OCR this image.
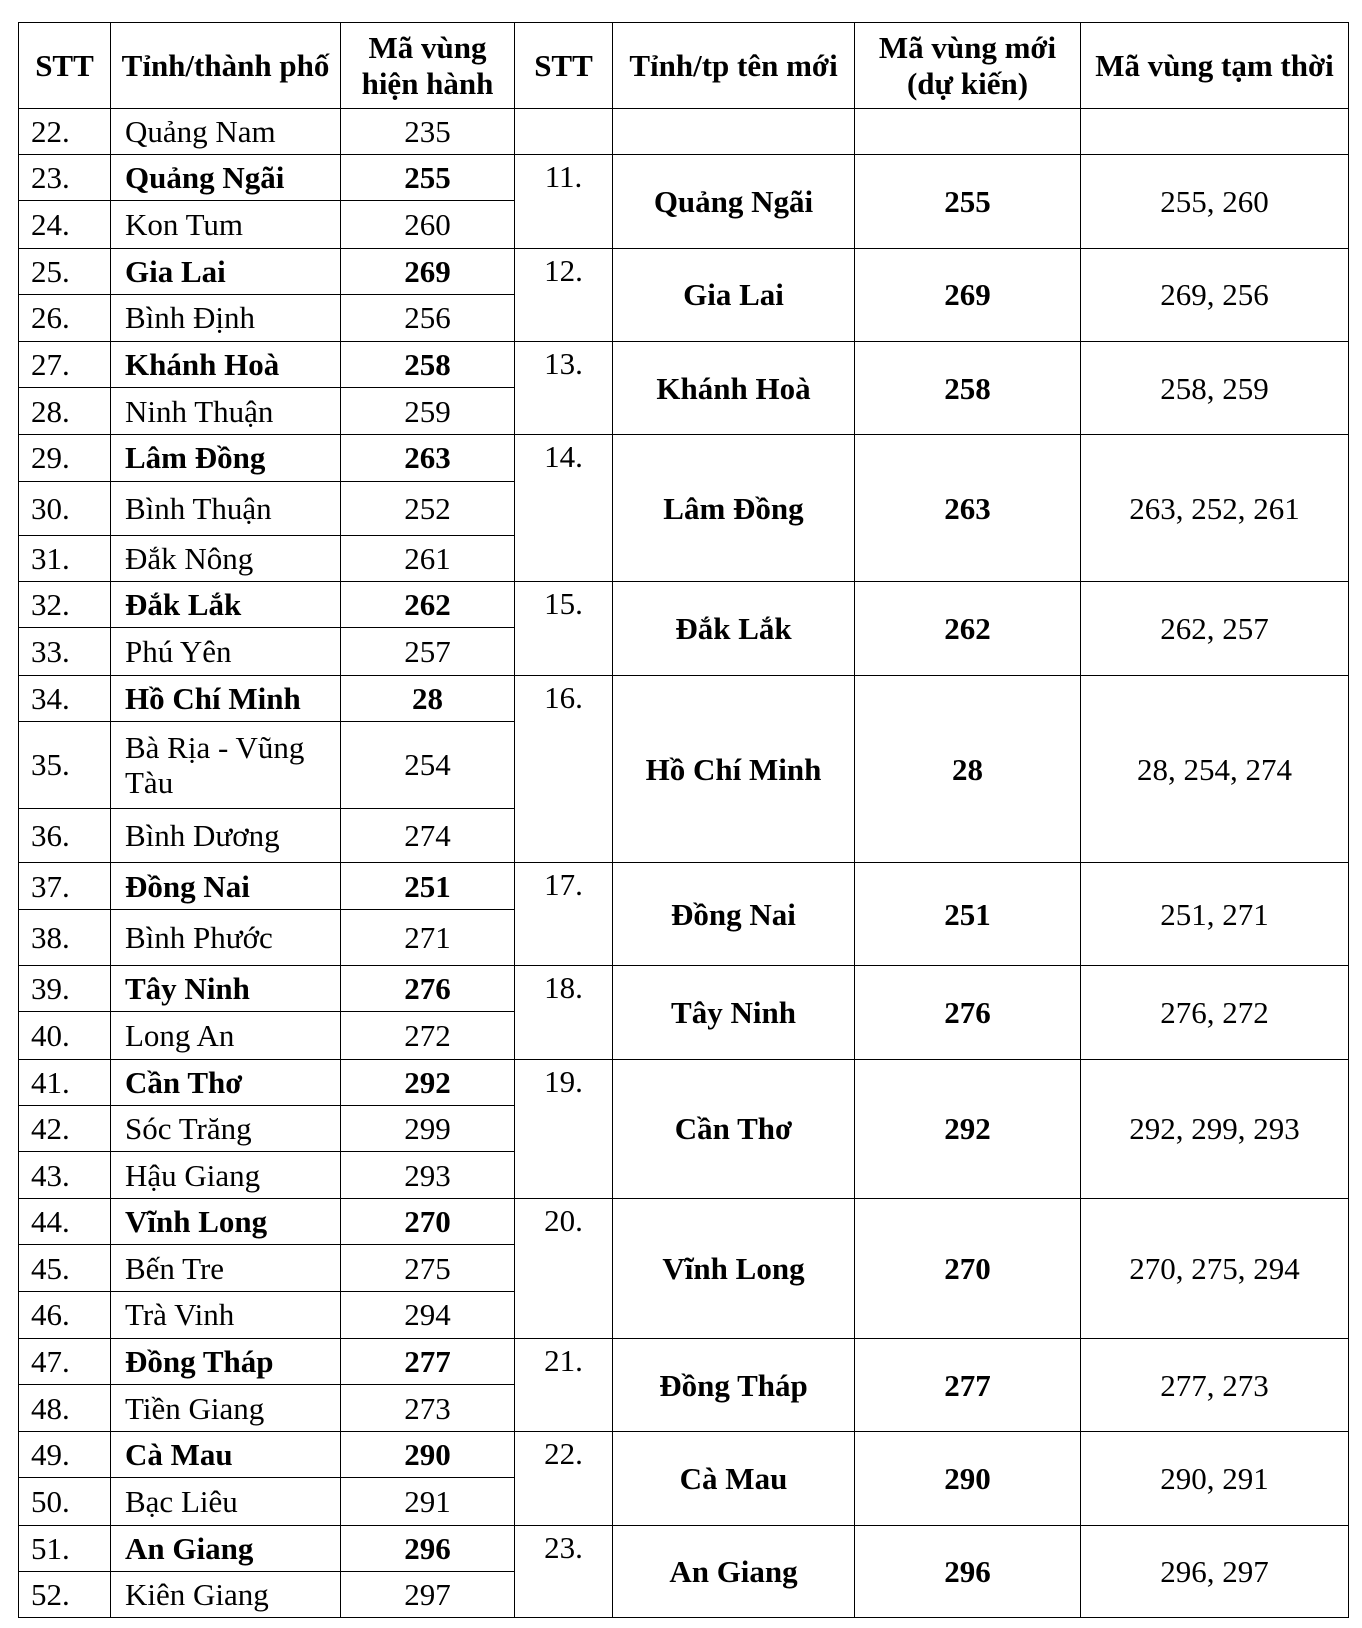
STT	Tỉnh/thành phố	Mã vùng hiện hành	STT	Tỉnh/tp tên mới	Mã vùng mới (dự kiến)	Mã vùng tạm thời
22.	Quảng Nam	235				
23.	Quảng Ngãi	255	11.	Quảng Ngãi	255	255, 260
24.	Kon Tum	260				
25.	Gia Lai	269	12.	Gia Lai	269	269, 256
26.	Bình Định	256				
27.	Khánh Hoà	258	13.	Khánh Hoà	258	258, 259
28.	Ninh Thuận	259				
29.	Lâm Đồng	263	14.	Lâm Đồng	263	263, 252, 261
30.	Bình Thuận	252				
31.	Đắk Nông	261				
32.	Đắk Lắk	262	15.	Đắk Lắk	262	262, 257
33.	Phú Yên	257				
34.	Hồ Chí Minh	28	16.	Hồ Chí Minh	28	28, 254, 274
35.	Bà Rịa - Vũng Tàu	254				
36.	Bình Dương	274				
37.	Đồng Nai	251	17.	Đồng Nai	251	251, 271
38.	Bình Phước	271				
39.	Tây Ninh	276	18.	Tây Ninh	276	276, 272
40.	Long An	272				
41.	Cần Thơ	292	19.	Cần Thơ	292	292, 299, 293
42.	Sóc Trăng	299				
43.	Hậu Giang	293				
44.	Vĩnh Long	270	20.	Vĩnh Long	270	270, 275, 294
45.	Bến Tre	275				
46.	Trà Vinh	294				
47.	Đồng Tháp	277	21.	Đồng Tháp	277	277, 273
48.	Tiền Giang	273				
49.	Cà Mau	290	22.	Cà Mau	290	290, 291
50.	Bạc Liêu	291				
51.	An Giang	296	23.	An Giang	296	296, 297
52.	Kiên Giang	297				
